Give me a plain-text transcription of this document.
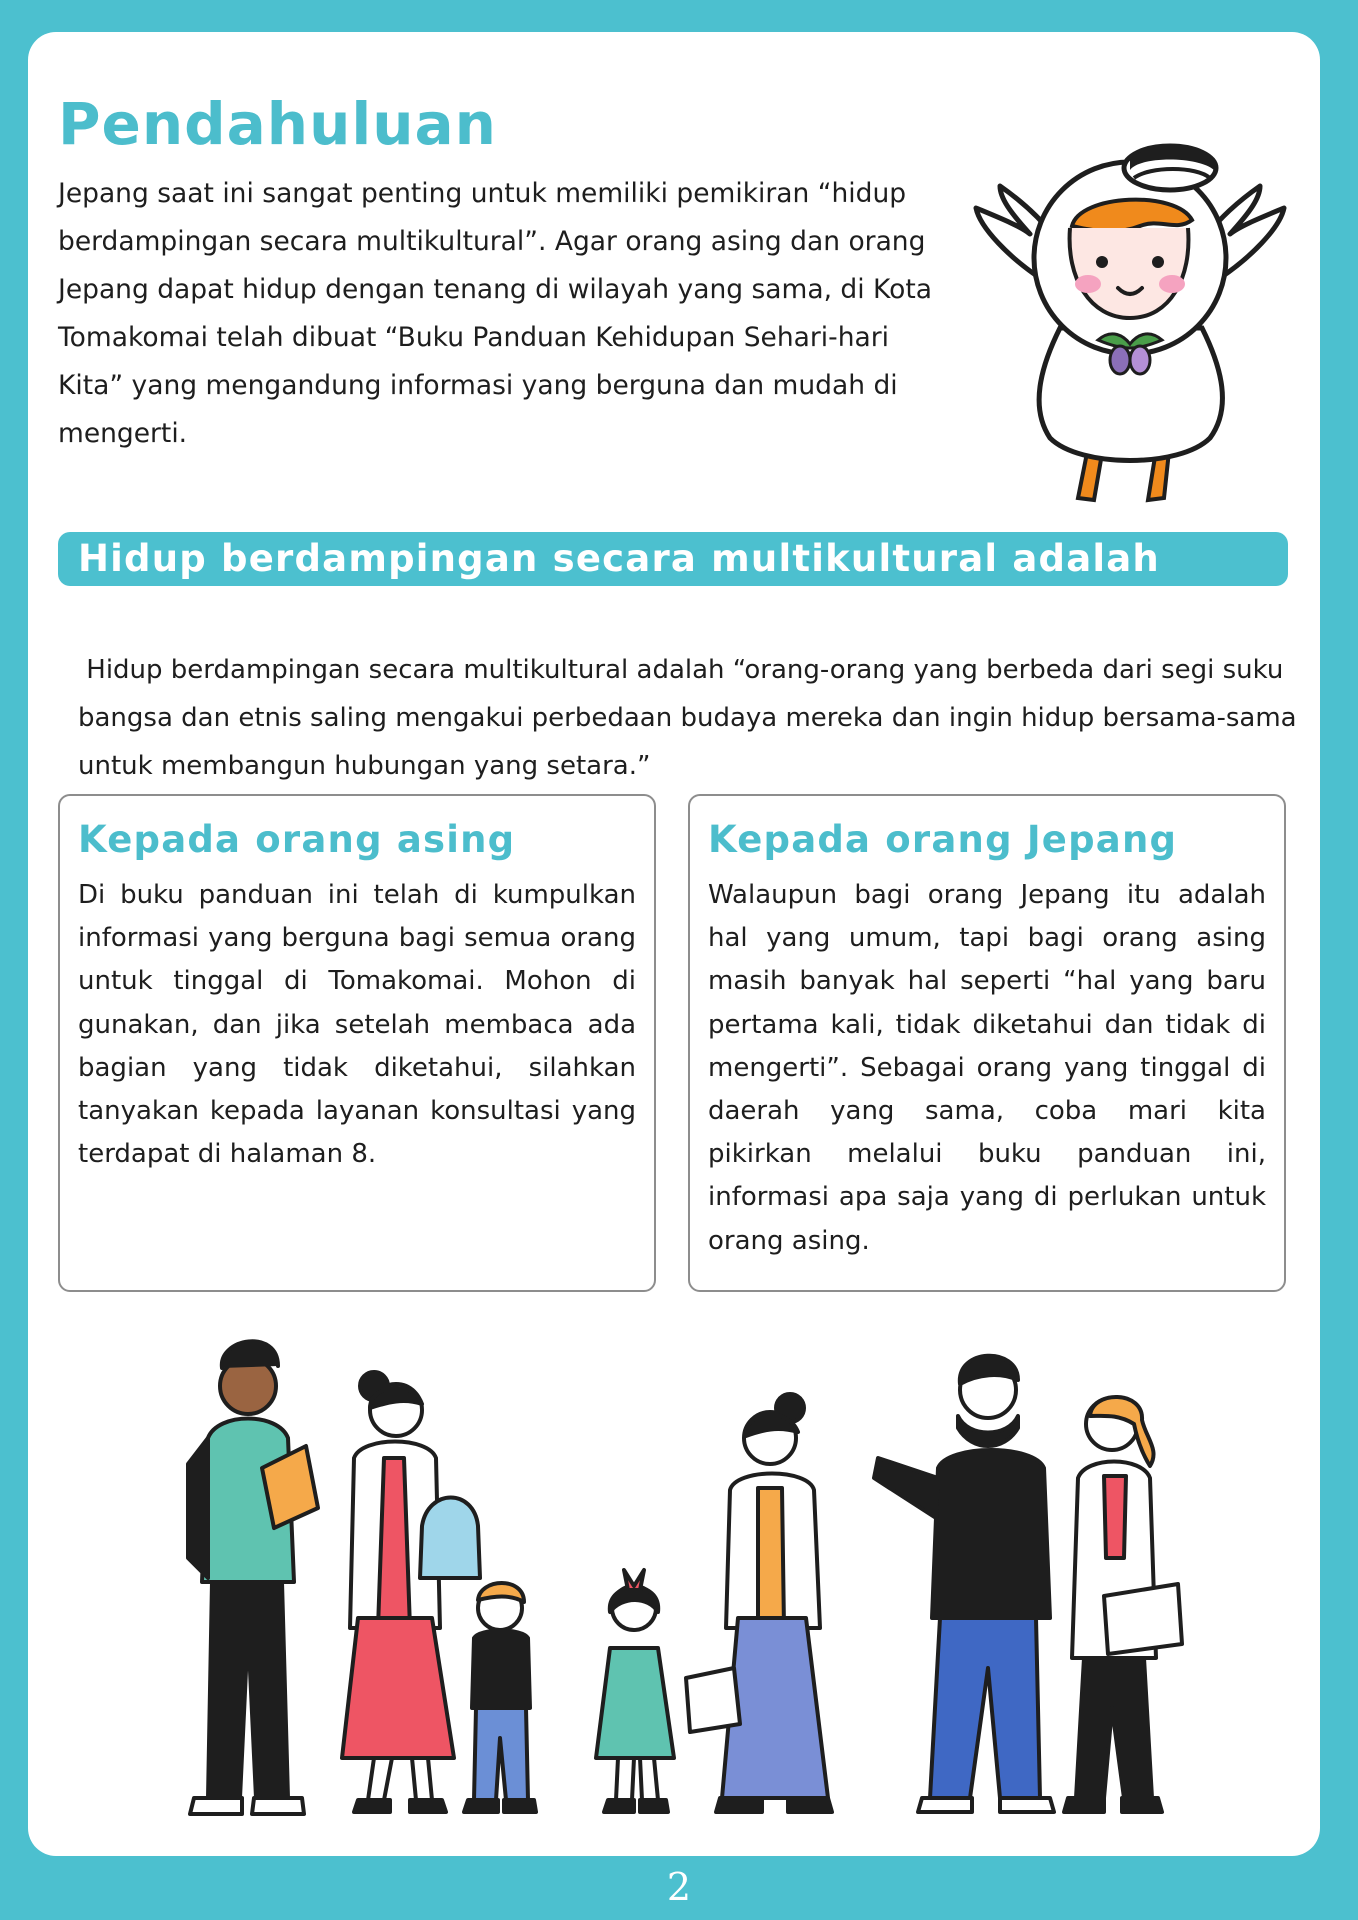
Pendahuluan

Jepang saat ini sangat penting untuk memiliki pemikiran “hidup berdampingan secara multikultural”. Agar orang asing dan orang Jepang dapat hidup dengan tenang di wilayah yang sama, di Kota Tomakomai telah dibuat “Buku Panduan Kehidupan Sehari-hari Kita” yang mengandung informasi yang berguna dan mudah di mengerti.

Hidup berdampingan secara multikultural adalah

Hidup berdampingan secara multikultural adalah “orang-orang yang berbeda dari segi suku bangsa dan etnis saling mengakui perbedaan budaya mereka dan ingin hidup bersama-sama untuk membangun hubungan yang setara.”

Kepada orang asing

Di buku panduan ini telah di kumpulkan informasi yang berguna bagi semua orang untuk tinggal di Tomakomai. Mohon di gunakan, dan jika setelah membaca ada bagian yang tidak diketahui, silahkan tanyakan kepada layanan konsultasi yang terdapat di halaman 8.

Kepada orang Jepang

Walaupun bagi orang Jepang itu adalah hal yang umum, tapi bagi orang asing masih banyak hal seperti “hal yang baru pertama kali, tidak diketahui dan tidak di mengerti”. Sebagai orang yang tinggal di daerah yang sama, coba mari kita pikirkan melalui buku panduan ini, informasi apa saja yang di perlukan untuk orang asing.

2
